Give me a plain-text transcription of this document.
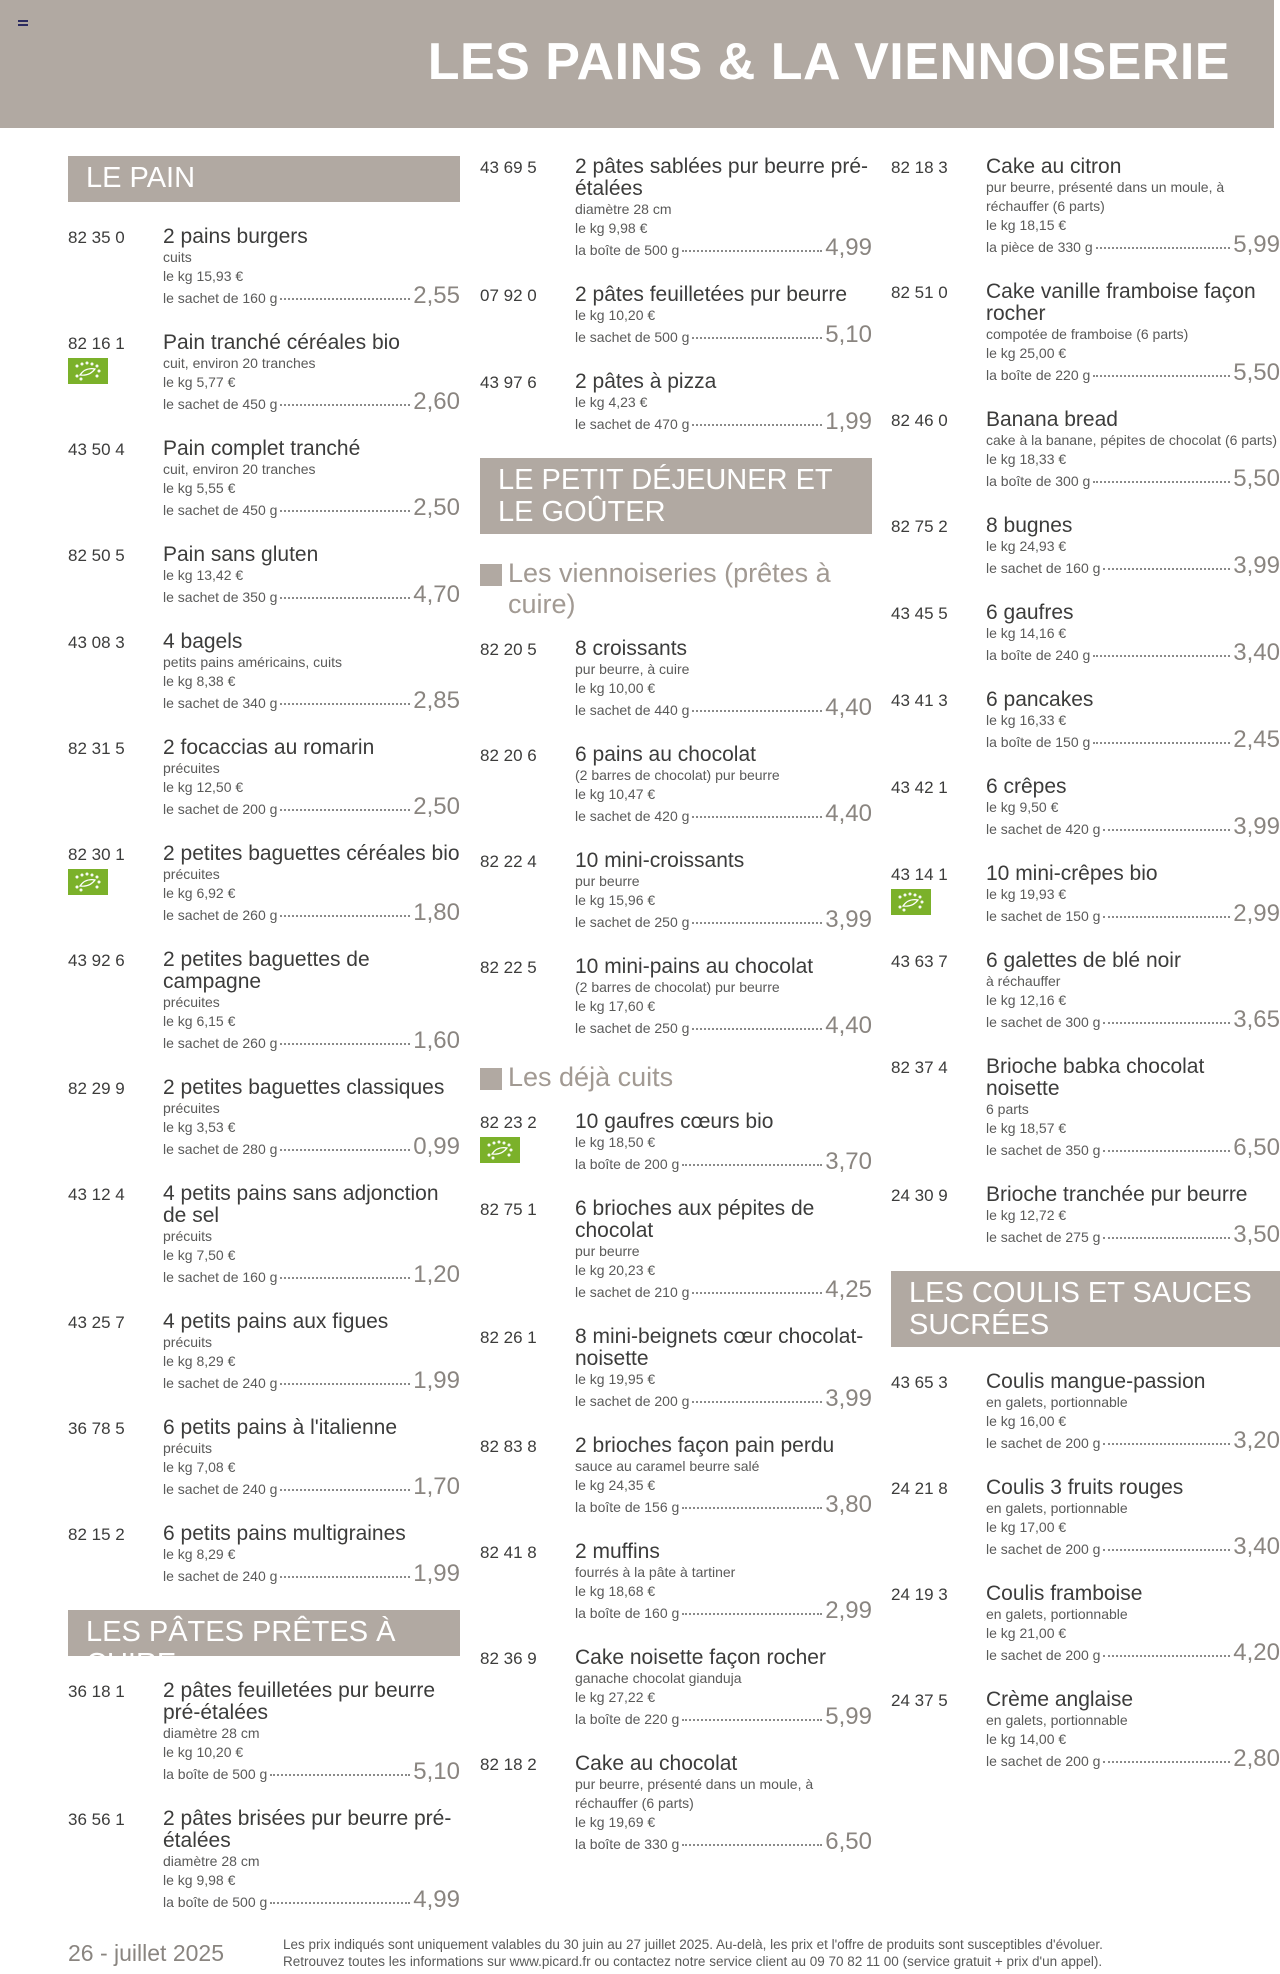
LES PAINS & LA VIENNOISERIE
LE PAIN
82 35 0 2 pains burgers
cuits
le kg 15,93 €
le sachet de 160 g	2,55
82 16 1 Pain tranché céréales bio
cuit, environ 20 tranches
le kg 5,77 €
le sachet de 450 g	2,60
43 50 4 Pain complet tranché
cuit, environ 20 tranches
le kg 5,55 €
le sachet de 450 g	2,50
82 50 5 Pain sans gluten
le kg 13,42 €
le sachet de 350 g	4,70
43 08 3 4 bagels
petits pains américains, cuits
le kg 8,38 €
le sachet de 340 g	2,85
82 31 5 2 focaccias au romarin
précuites
le kg 12,50 €
le sachet de 200 g	2,50
82 30 1 2 petites baguettes céréales bio
précuites
le kg 6,92 €
le sachet de 260 g	1,80
43 92 6 2 petites baguettes de campagne
précuites
le kg 6,15 €
le sachet de 260 g	1,60
82 29 9 2 petites baguettes classiques
précuites
le kg 3,53 €
le sachet de 280 g	0,99
43 12 4 4 petits pains sans adjonction de sel
précuits
le kg 7,50 €
le sachet de 160 g	1,20
43 25 7 4 petits pains aux figues
précuits
le kg 8,29 €
le sachet de 240 g	1,99
36 78 5 6 petits pains à l'italienne
précuits
le kg 7,08 €
le sachet de 240 g	1,70
82 15 2 6 petits pains multigraines
le kg 8,29 €
le sachet de 240 g	1,99
LES PÂTES PRÊTES À CUIRE
36 18 1 2 pâtes feuilletées pur beurre pré-étalées
diamètre 28 cm
le kg 10,20 €
la boîte de 500 g	5,10
36 56 1 2 pâtes brisées pur beurre pré-étalées
diamètre 28 cm
le kg 9,98 €
la boîte de 500 g	4,99
43 69 5 2 pâtes sablées pur beurre pré-étalées
diamètre 28 cm
le kg 9,98 €
la boîte de 500 g	4,99
07 92 0 2 pâtes feuilletées pur beurre
le kg 10,20 €
le sachet de 500 g	5,10
43 97 6 2 pâtes à pizza
le kg 4,23 €
le sachet de 470 g	1,99
LE PETIT DÉJEUNER ET LE GOÛTER
Les viennoiseries (prêtes à cuire)
82 20 5 8 croissants
pur beurre, à cuire
le kg 10,00 €
le sachet de 440 g	4,40
82 20 6 6 pains au chocolat
(2 barres de chocolat) pur beurre
le kg 10,47 €
le sachet de 420 g	4,40
82 22 4 10 mini-croissants
pur beurre
le kg 15,96 €
le sachet de 250 g	3,99
82 22 5 10 mini-pains au chocolat
(2 barres de chocolat) pur beurre
le kg 17,60 €
le sachet de 250 g	4,40
Les déjà cuits
82 23 2 10 gaufres cœurs bio
le kg 18,50 €
la boîte de 200 g	3,70
82 75 1 6 brioches aux pépites de chocolat
pur beurre
le kg 20,23 €
le sachet de 210 g	4,25
82 26 1 8 mini-beignets cœur chocolat-noisette
le kg 19,95 €
le sachet de 200 g	3,99
82 83 8 2 brioches façon pain perdu
sauce au caramel beurre salé
le kg 24,35 €
la boîte de 156 g	3,80
82 41 8 2 muffins
fourrés à la pâte à tartiner
le kg 18,68 €
la boîte de 160 g	2,99
82 36 9 Cake noisette façon rocher
ganache chocolat gianduja
le kg 27,22 €
la boîte de 220 g	5,99
82 18 2 Cake au chocolat
pur beurre, présenté dans un moule, à réchauffer (6 parts)
le kg 19,69 €
la boîte de 330 g	6,50
82 18 3 Cake au citron
pur beurre, présenté dans un moule, à réchauffer (6 parts)
le kg 18,15 €
la pièce de 330 g	5,99
82 51 0 Cake vanille framboise façon rocher
compotée de framboise (6 parts)
le kg 25,00 €
la boîte de 220 g	5,50
82 46 0 Banana bread
cake à la banane, pépites de chocolat (6 parts)
le kg 18,33 €
la boîte de 300 g	5,50
82 75 2 8 bugnes
le kg 24,93 €
le sachet de 160 g	3,99
43 45 5 6 gaufres
le kg 14,16 €
la boîte de 240 g	3,40
43 41 3 6 pancakes
le kg 16,33 €
la boîte de 150 g	2,45
43 42 1 6 crêpes
le kg 9,50 €
le sachet de 420 g	3,99
43 14 1 10 mini-crêpes bio
le kg 19,93 €
le sachet de 150 g	2,99
43 63 7 6 galettes de blé noir
à réchauffer
le kg 12,16 €
le sachet de 300 g	3,65
82 37 4 Brioche babka chocolat noisette
6 parts
le kg 18,57 €
le sachet de 350 g	6,50
24 30 9 Brioche tranchée pur beurre
le kg 12,72 €
le sachet de 275 g	3,50
LES COULIS ET SAUCES SUCRÉES
43 65 3 Coulis mangue-passion
en galets, portionnable
le kg 16,00 €
le sachet de 200 g	3,20
24 21 8 Coulis 3 fruits rouges
en galets, portionnable
le kg 17,00 €
le sachet de 200 g	3,40
24 19 3 Coulis framboise
en galets, portionnable
le kg 21,00 €
le sachet de 200 g	4,20
24 37 5 Crème anglaise
en galets, portionnable
le kg 14,00 €
le sachet de 200 g	2,80
26 - juillet 2025	Les prix indiqués sont uniquement valables du 30 juin au 27 juillet 2025. Au-delà, les prix et l'offre de produits sont susceptibles d'évoluer.
Retrouvez toutes les informations sur www.picard.fr ou contactez notre service client au 09 70 82 11 00 (service gratuit + prix d'un appel).
